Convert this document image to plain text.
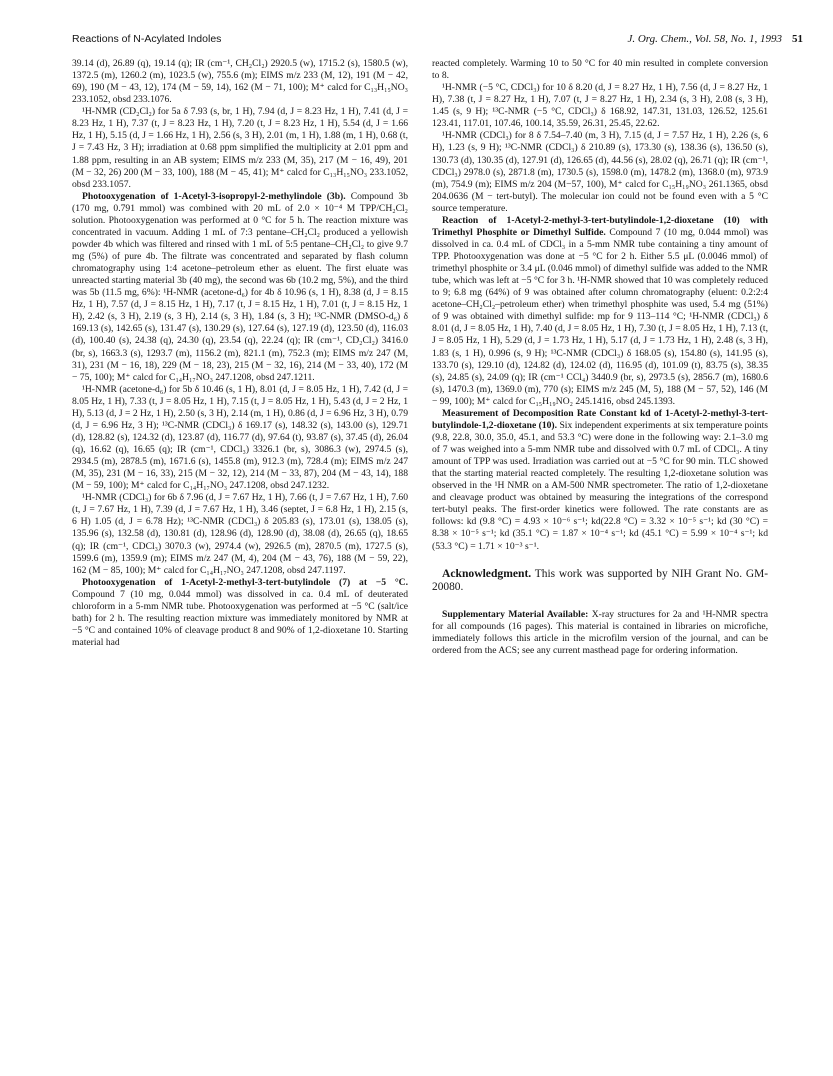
Reactions of N-Acylated Indoles	J. Org. Chem., Vol. 58, No. 1, 1993 51

39.14 (d), 26.89 (q), 19.14 (q); IR (cm⁻¹, CH₂Cl₂) 2920.5 (w), 1715.2 (s), 1580.5 (w), 1372.5 (m), 1260.2 (m), 1023.5 (w), 755.6 (m); EIMS m/z 233 (M, 12), 191 (M − 42, 69), 190 (M − 43, 12), 174 (M − 59, 14), 162 (M − 71, 100); M⁺ calcd for C₁₃H₁₅NO₃ 233.1052, obsd 233.1076.

¹H-NMR (CD₂Cl₂) for 5a δ 7.93 (s, br, 1 H), 7.94 (d, J = 8.23 Hz, 1 H), 7.41 (d, J = 8.23 Hz, 1 H), 7.37 (t, J = 8.23 Hz, 1 H), 7.20 (t, J = 8.23 Hz, 1 H), 5.54 (d, J = 1.66 Hz, 1 H), 5.15 (d, J = 1.66 Hz, 1 H), 2.56 (s, 3 H), 2.01 (m, 1 H), 1.88 (m, 1 H), 0.68 (t, J = 7.43 Hz, 3 H); irradiation at 0.68 ppm simplified the multiplicity at 2.01 ppm and 1.88 ppm, resulting in an AB system; EIMS m/z 233 (M, 35), 217 (M − 16, 49), 201 (M − 32, 26) 200 (M − 33, 100), 188 (M − 45, 41); M⁺ calcd for C₁₃H₁₅NO₃ 233.1052, obsd 233.1057.

Photooxygenation of 1-Acetyl-3-isopropyl-2-methylindole (3b). Compound 3b (170 mg, 0.791 mmol) was combined with 20 mL of 2.0 × 10⁻⁴ M TPP/CH₂Cl₂ solution. Photooxygenation was performed at 0 °C for 5 h. The reaction mixture was concentrated in vacuum. Adding 1 mL of 7:3 pentane–CH₂Cl₂ produced a yellowish powder 4b which was filtered and rinsed with 1 mL of 5:5 pentane–CH₂Cl₂ to give 9.7 mg (5%) of pure 4b. The filtrate was concentrated and separated by flash column chromatography using 1:4 acetone–petroleum ether as eluent. The first eluate was unreacted starting material 3b (40 mg), the second was 6b (10.2 mg, 5%), and the third was 5b (11.5 mg, 6%): ¹H-NMR (acetone-d₆) for 4b δ 10.96 (s, 1 H), 8.38 (d, J = 8.15 Hz, 1 H), 7.57 (d, J = 8.15 Hz, 1 H), 7.17 (t, J = 8.15 Hz, 1 H), 7.01 (t, J = 8.15 Hz, 1 H), 2.42 (s, 3 H), 2.19 (s, 3 H), 2.14 (s, 3 H), 1.84 (s, 3 H); ¹³C-NMR (DMSO-d₆) δ 169.13 (s), 142.65 (s), 131.47 (s), 130.29 (s), 127.64 (s), 127.19 (d), 123.50 (d), 116.03 (d), 100.40 (s), 24.38 (q), 24.30 (q), 23.54 (q), 22.24 (q); IR (cm⁻¹, CD₂Cl₂) 3416.0 (br, s), 1663.3 (s), 1293.7 (m), 1156.2 (m), 821.1 (m), 752.3 (m); EIMS m/z 247 (M, 31), 231 (M − 16, 18), 229 (M − 18, 23), 215 (M − 32, 16), 214 (M − 33, 40), 172 (M − 75, 100); M⁺ calcd for C₁₄H₁₇NO₃ 247.1208, obsd 247.1211.

¹H-NMR (acetone-d₆) for 5b δ 10.46 (s, 1 H), 8.01 (d, J = 8.05 Hz, 1 H), 7.42 (d, J = 8.05 Hz, 1 H), 7.33 (t, J = 8.05 Hz, 1 H), 7.15 (t, J = 8.05 Hz, 1 H), 5.43 (d, J = 2 Hz, 1 H), 5.13 (d, J = 2 Hz, 1 H), 2.50 (s, 3 H), 2.14 (m, 1 H), 0.86 (d, J = 6.96 Hz, 3 H), 0.79 (d, J = 6.96 Hz, 3 H); ¹³C-NMR (CDCl₃) δ 169.17 (s), 148.32 (s), 143.00 (s), 129.71 (d), 128.82 (s), 124.32 (d), 123.87 (d), 116.77 (d), 97.64 (t), 93.87 (s), 37.45 (d), 26.04 (q), 16.62 (q), 16.65 (q); IR (cm⁻¹, CDCl₃) 3326.1 (br, s), 3086.3 (w), 2974.5 (s), 2934.5 (m), 2878.5 (m), 1671.6 (s), 1455.8 (m), 912.3 (m), 728.4 (m); EIMS m/z 247 (M, 35), 231 (M − 16, 33), 215 (M − 32, 12), 214 (M − 33, 87), 204 (M − 43, 14), 188 (M − 59, 100); M⁺ calcd for C₁₄H₁₇NO₃ 247.1208, obsd 247.1232.

¹H-NMR (CDCl₃) for 6b δ 7.96 (d, J = 7.67 Hz, 1 H), 7.66 (t, J = 7.67 Hz, 1 H), 7.60 (t, J = 7.67 Hz, 1 H), 7.39 (d, J = 7.67 Hz, 1 H), 3.46 (septet, J = 6.8 Hz, 1 H), 2.15 (s, 6 H) 1.05 (d, J = 6.78 Hz); ¹³C-NMR (CDCl₃) δ 205.83 (s), 173.01 (s), 138.05 (s), 135.96 (s), 132.58 (d), 130.81 (d), 128.96 (d), 128.90 (d), 38.08 (d), 26.65 (q), 18.65 (q); IR (cm⁻¹, CDCl₃) 3070.3 (w), 2974.4 (w), 2926.5 (m), 2870.5 (m), 1727.5 (s), 1599.6 (m), 1359.9 (m); EIMS m/z 247 (M, 4), 204 (M − 43, 76), 188 (M − 59, 22), 162 (M − 85, 100); M⁺ calcd for C₁₄H₁₇NO₃ 247.1208, obsd 247.1197.

Photooxygenation of 1-Acetyl-2-methyl-3-tert-butylindole (7) at −5 °C. Compound 7 (10 mg, 0.044 mmol) was dissolved in ca. 0.4 mL of deuterated chloroform in a 5-mm NMR tube. Photooxygenation was performed at −5 °C (salt/ice bath) for 2 h. The resulting reaction mixture was immediately monitored by NMR at −5 °C and contained 10% of cleavage product 8 and 90% of 1,2-dioxetane 10. Starting material had

reacted completely. Warming 10 to 50 °C for 40 min resulted in complete conversion to 8.

¹H-NMR (−5 °C, CDCl₃) for 10 δ 8.20 (d, J = 8.27 Hz, 1 H), 7.56 (d, J = 8.27 Hz, 1 H), 7.38 (t, J = 8.27 Hz, 1 H), 7.07 (t, J = 8.27 Hz, 1 H), 2.34 (s, 3 H), 2.08 (s, 3 H), 1.45 (s, 9 H); ¹³C-NMR (−5 °C, CDCl₃) δ 168.92, 147.31, 131.03, 126.52, 125.61 123.41, 117.01, 107.46, 100.14, 35.59, 26.31, 25.45, 22.62.

¹H-NMR (CDCl₃) for 8 δ 7.54–7.40 (m, 3 H), 7.15 (d, J = 7.57 Hz, 1 H), 2.26 (s, 6 H), 1.23 (s, 9 H); ¹³C-NMR (CDCl₃) δ 210.89 (s), 173.30 (s), 138.36 (s), 136.50 (s), 130.73 (d), 130.35 (d), 127.91 (d), 126.65 (d), 44.56 (s), 28.02 (q), 26.71 (q); IR (cm⁻¹, CDCl₃) 2978.0 (s), 2871.8 (m), 1730.5 (s), 1598.0 (m), 1478.2 (m), 1368.0 (m), 973.9 (m), 754.9 (m); EIMS m/z 204 (M−57, 100), M⁺ calcd for C₁₅H₁₉NO₃ 261.1365, obsd 204.0636 (M − tert-butyl). The molecular ion could not be found even with a 5 °C source temperature.

Reaction of 1-Acetyl-2-methyl-3-tert-butylindole-1,2-dioxetane (10) with Trimethyl Phosphite or Dimethyl Sulfide. Compound 7 (10 mg, 0.044 mmol) was dissolved in ca. 0.4 mL of CDCl₃ in a 5-mm NMR tube containing a tiny amount of TPP. Photooxygenation was done at −5 °C for 2 h. Either 5.5 μL (0.0046 mmol) of trimethyl phosphite or 3.4 μL (0.046 mmol) of dimethyl sulfide was added to the NMR tube, which was left at −5 °C for 3 h. ¹H-NMR showed that 10 was completely reduced to 9; 6.8 mg (64%) of 9 was obtained after column chromatography (eluent: 0.2:2:4 acetone–CH₂Cl₂–petroleum ether) when trimethyl phosphite was used, 5.4 mg (51%) of 9 was obtained with dimethyl sulfide: mp for 9 113–114 °C; ¹H-NMR (CDCl₃) δ 8.01 (d, J = 8.05 Hz, 1 H), 7.40 (d, J = 8.05 Hz, 1 H), 7.30 (t, J = 8.05 Hz, 1 H), 7.13 (t, J = 8.05 Hz, 1 H), 5.29 (d, J = 1.73 Hz, 1 H), 5.17 (d, J = 1.73 Hz, 1 H), 2.48 (s, 3 H), 1.83 (s, 1 H), 0.996 (s, 9 H); ¹³C-NMR (CDCl₃) δ 168.05 (s), 154.80 (s), 141.95 (s), 133.70 (s), 129.10 (d), 124.82 (d), 124.02 (d), 116.95 (d), 101.09 (t), 83.75 (s), 38.35 (s), 24.85 (s), 24.09 (q); IR (cm⁻¹ CCl₄) 3440.9 (br, s), 2973.5 (s), 2856.7 (m), 1680.6 (s), 1470.3 (m), 1369.0 (m), 770 (s); EIMS m/z 245 (M, 5), 188 (M − 57, 52), 146 (M − 99, 100); M⁺ calcd for C₁₅H₁₉NO₂ 245.1416, obsd 245.1393.

Measurement of Decomposition Rate Constant kd of 1-Acetyl-2-methyl-3-tert-butylindole-1,2-dioxetane (10). Six independent experiments at six temperature points (9.8, 22.8, 30.0, 35.0, 45.1, and 53.3 °C) were done in the following way: 2.1–3.0 mg of 7 was weighed into a 5-mm NMR tube and dissolved with 0.7 mL of CDCl₃. A tiny amount of TPP was used. Irradiation was carried out at −5 °C for 90 min. TLC showed that the starting material reacted completely. The resulting 1,2-dioxetane solution was observed in the ¹H NMR on a AM-500 NMR spectrometer. The ratio of 1,2-dioxetane and cleavage product was obtained by measuring the integrations of the correspond tert-butyl peaks. The first-order kinetics were followed. The rate constants are as follows: kd (9.8 °C) = 4.93 × 10⁻⁶ s⁻¹; kd(22.8 °C) = 3.32 × 10⁻⁵ s⁻¹; kd (30 °C) = 8.38 × 10⁻⁵ s⁻¹; kd (35.1 °C) = 1.87 × 10⁻⁴ s⁻¹; kd (45.1 °C) = 5.99 × 10⁻⁴ s⁻¹; kd (53.3 °C) = 1.71 × 10⁻³ s⁻¹.

Acknowledgment. This work was supported by NIH Grant No. GM-20080.

Supplementary Material Available: X-ray structures for 2a and ¹H-NMR spectra for all compounds (16 pages). This material is contained in libraries on microfiche, immediately follows this article in the microfilm version of the journal, and can be ordered from the ACS; see any current masthead page for ordering information.
